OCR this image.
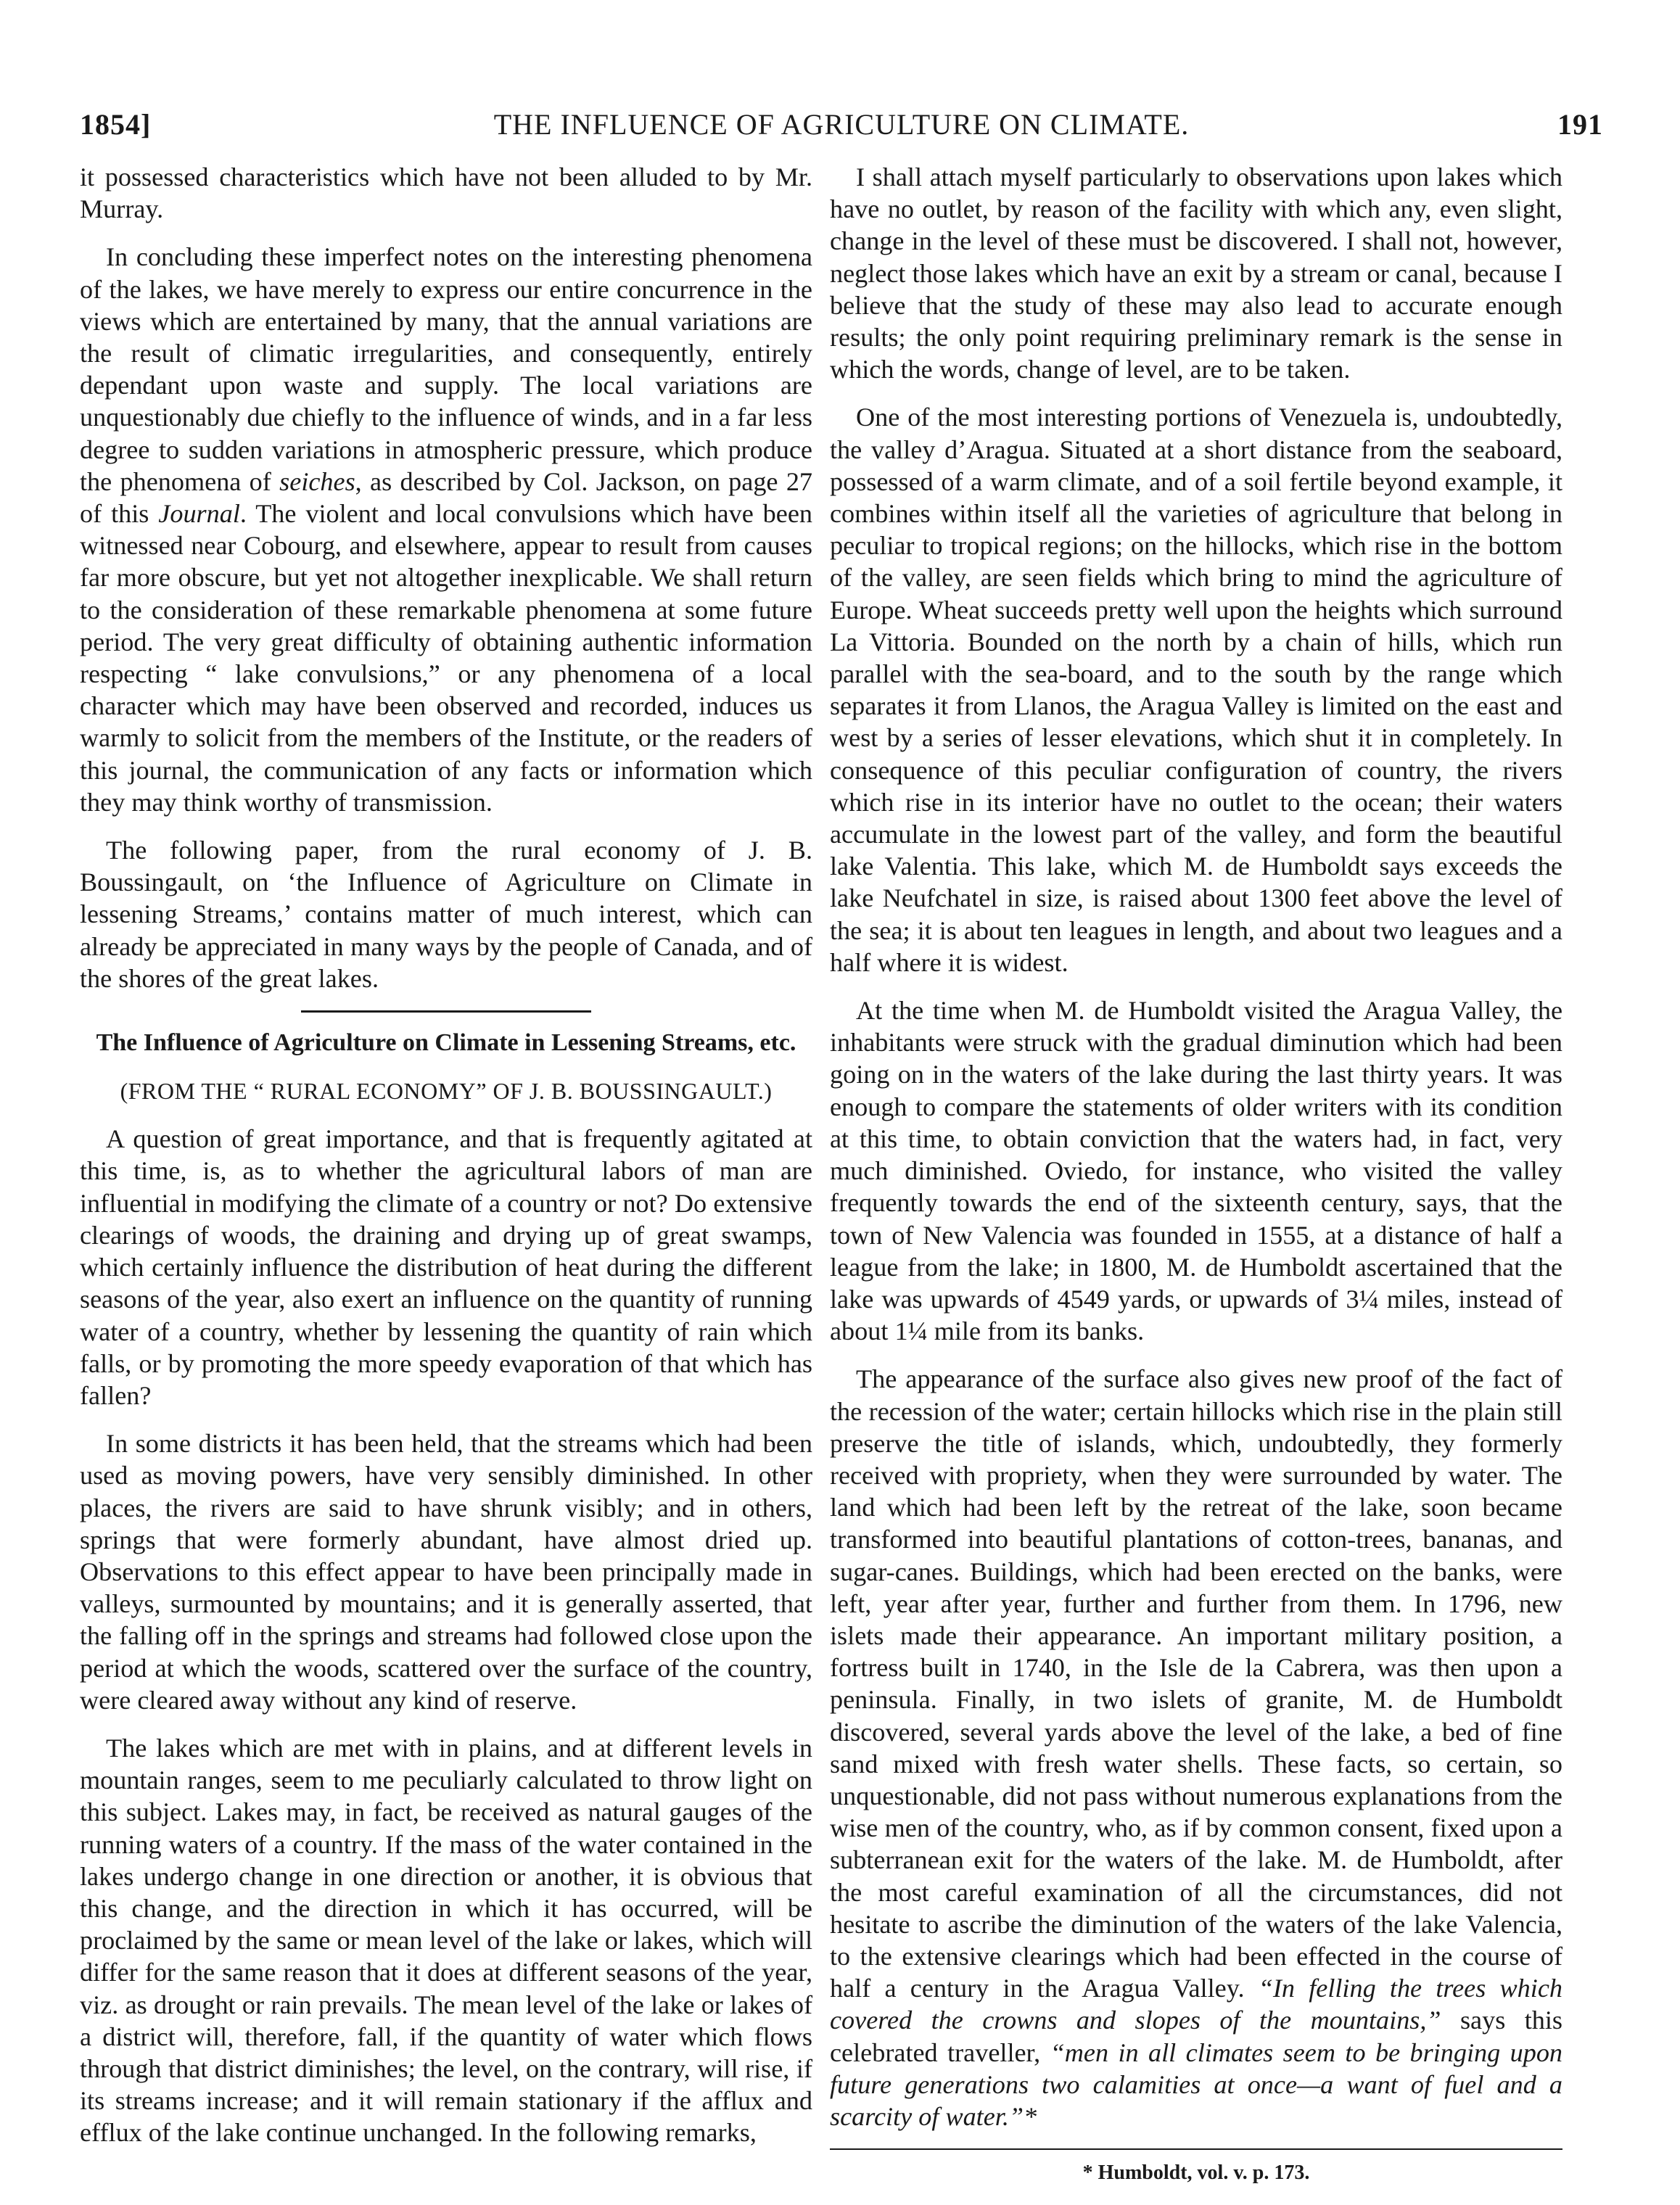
1854]	THE INFLUENCE OF AGRICULTURE ON CLIMATE.	191

it possessed characteristics which have not been alluded to by Mr. Murray.

In concluding these imperfect notes on the interesting phenomena of the lakes, we have merely to express our entire concurrence in the views which are entertained by many, that the annual variations are the result of climatic irregularities, and consequently, entirely dependant upon waste and supply. The local variations are unquestionably due chiefly to the influence of winds, and in a far less degree to sudden variations in atmospheric pressure, which produce the phenomena of seiches, as described by Col. Jackson, on page 27 of this Journal. The violent and local convulsions which have been witnessed near Cobourg, and elsewhere, appear to result from causes far more obscure, but yet not altogether inexplicable. We shall return to the consideration of these remarkable phenomena at some future period. The very great difficulty of obtaining authentic information respecting “ lake convulsions,” or any phenomena of a local character which may have been observed and recorded, induces us warmly to solicit from the members of the Institute, or the readers of this journal, the communication of any facts or information which they may think worthy of transmission.

The following paper, from the rural economy of J. B. Boussingault, on ‘the Influence of Agriculture on Climate in lessening Streams,’ contains matter of much interest, which can already be appreciated in many ways by the people of Canada, and of the shores of the great lakes.

The Influence of Agriculture on Climate in Lessening Streams, etc.

(FROM THE “ RURAL ECONOMY” OF J. B. BOUSSINGAULT.)

A question of great importance, and that is frequently agitated at this time, is, as to whether the agricultural labors of man are influential in modifying the climate of a country or not? Do extensive clearings of woods, the draining and drying up of great swamps, which certainly influence the distribution of heat during the different seasons of the year, also exert an influence on the quantity of running water of a country, whether by lessening the quantity of rain which falls, or by promoting the more speedy evaporation of that which has fallen?

In some districts it has been held, that the streams which had been used as moving powers, have very sensibly diminished. In other places, the rivers are said to have shrunk visibly; and in others, springs that were formerly abundant, have almost dried up. Observations to this effect appear to have been principally made in valleys, surmounted by mountains; and it is generally asserted, that the falling off in the springs and streams had followed close upon the period at which the woods, scattered over the surface of the country, were cleared away without any kind of reserve.

The lakes which are met with in plains, and at different levels in mountain ranges, seem to me peculiarly calculated to throw light on this subject. Lakes may, in fact, be received as natural gauges of the running waters of a country. If the mass of the water contained in the lakes undergo change in one direction or another, it is obvious that this change, and the direction in which it has occurred, will be proclaimed by the same or mean level of the lake or lakes, which will differ for the same reason that it does at different seasons of the year, viz. as drought or rain prevails. The mean level of the lake or lakes of a district will, therefore, fall, if the quantity of water which flows through that district diminishes; the level, on the contrary, will rise, if its streams increase; and it will remain stationary if the afflux and efflux of the lake continue unchanged. In the following remarks,

I shall attach myself particularly to observations upon lakes which have no outlet, by reason of the facility with which any, even slight, change in the level of these must be discovered. I shall not, however, neglect those lakes which have an exit by a stream or canal, because I believe that the study of these may also lead to accurate enough results; the only point requiring preliminary remark is the sense in which the words, change of level, are to be taken.

One of the most interesting portions of Venezuela is, undoubtedly, the valley d’Aragua. Situated at a short distance from the seaboard, possessed of a warm climate, and of a soil fertile beyond example, it combines within itself all the varieties of agriculture that belong in peculiar to tropical regions; on the hillocks, which rise in the bottom of the valley, are seen fields which bring to mind the agriculture of Europe. Wheat succeeds pretty well upon the heights which surround La Vittoria. Bounded on the north by a chain of hills, which run parallel with the sea-board, and to the south by the range which separates it from Llanos, the Aragua Valley is limited on the east and west by a series of lesser elevations, which shut it in completely. In consequence of this peculiar configuration of country, the rivers which rise in its interior have no outlet to the ocean; their waters accumulate in the lowest part of the valley, and form the beautiful lake Valentia. This lake, which M. de Humboldt says exceeds the lake Neufchatel in size, is raised about 1300 feet above the level of the sea; it is about ten leagues in length, and about two leagues and a half where it is widest.

At the time when M. de Humboldt visited the Aragua Valley, the inhabitants were struck with the gradual diminution which had been going on in the waters of the lake during the last thirty years. It was enough to compare the statements of older writers with its condition at this time, to obtain conviction that the waters had, in fact, very much diminished. Oviedo, for instance, who visited the valley frequently towards the end of the sixteenth century, says, that the town of New Valencia was founded in 1555, at a distance of half a league from the lake; in 1800, M. de Humboldt ascertained that the lake was upwards of 4549 yards, or upwards of 3¼ miles, instead of about 1¼ mile from its banks.

The appearance of the surface also gives new proof of the fact of the recession of the water; certain hillocks which rise in the plain still preserve the title of islands, which, undoubtedly, they formerly received with propriety, when they were surrounded by water. The land which had been left by the retreat of the lake, soon became transformed into beautiful plantations of cotton-trees, bananas, and sugar-canes. Buildings, which had been erected on the banks, were left, year after year, further and further from them. In 1796, new islets made their appearance. An important military position, a fortress built in 1740, in the Isle de la Cabrera, was then upon a peninsula. Finally, in two islets of granite, M. de Humboldt discovered, several yards above the level of the lake, a bed of fine sand mixed with fresh water shells. These facts, so certain, so unquestionable, did not pass without numerous explanations from the wise men of the country, who, as if by common consent, fixed upon a subterranean exit for the waters of the lake. M. de Humboldt, after the most careful examination of all the circumstances, did not hesitate to ascribe the diminution of the waters of the lake Valencia, to the extensive clearings which had been effected in the course of half a century in the Aragua Valley. “In felling the trees which covered the crowns and slopes of the mountains,” says this celebrated traveller, “men in all climates seem to be bringing upon future generations two calamities at once—a want of fuel and a scarcity of water.”*

* Humboldt, vol. v. p. 173.
